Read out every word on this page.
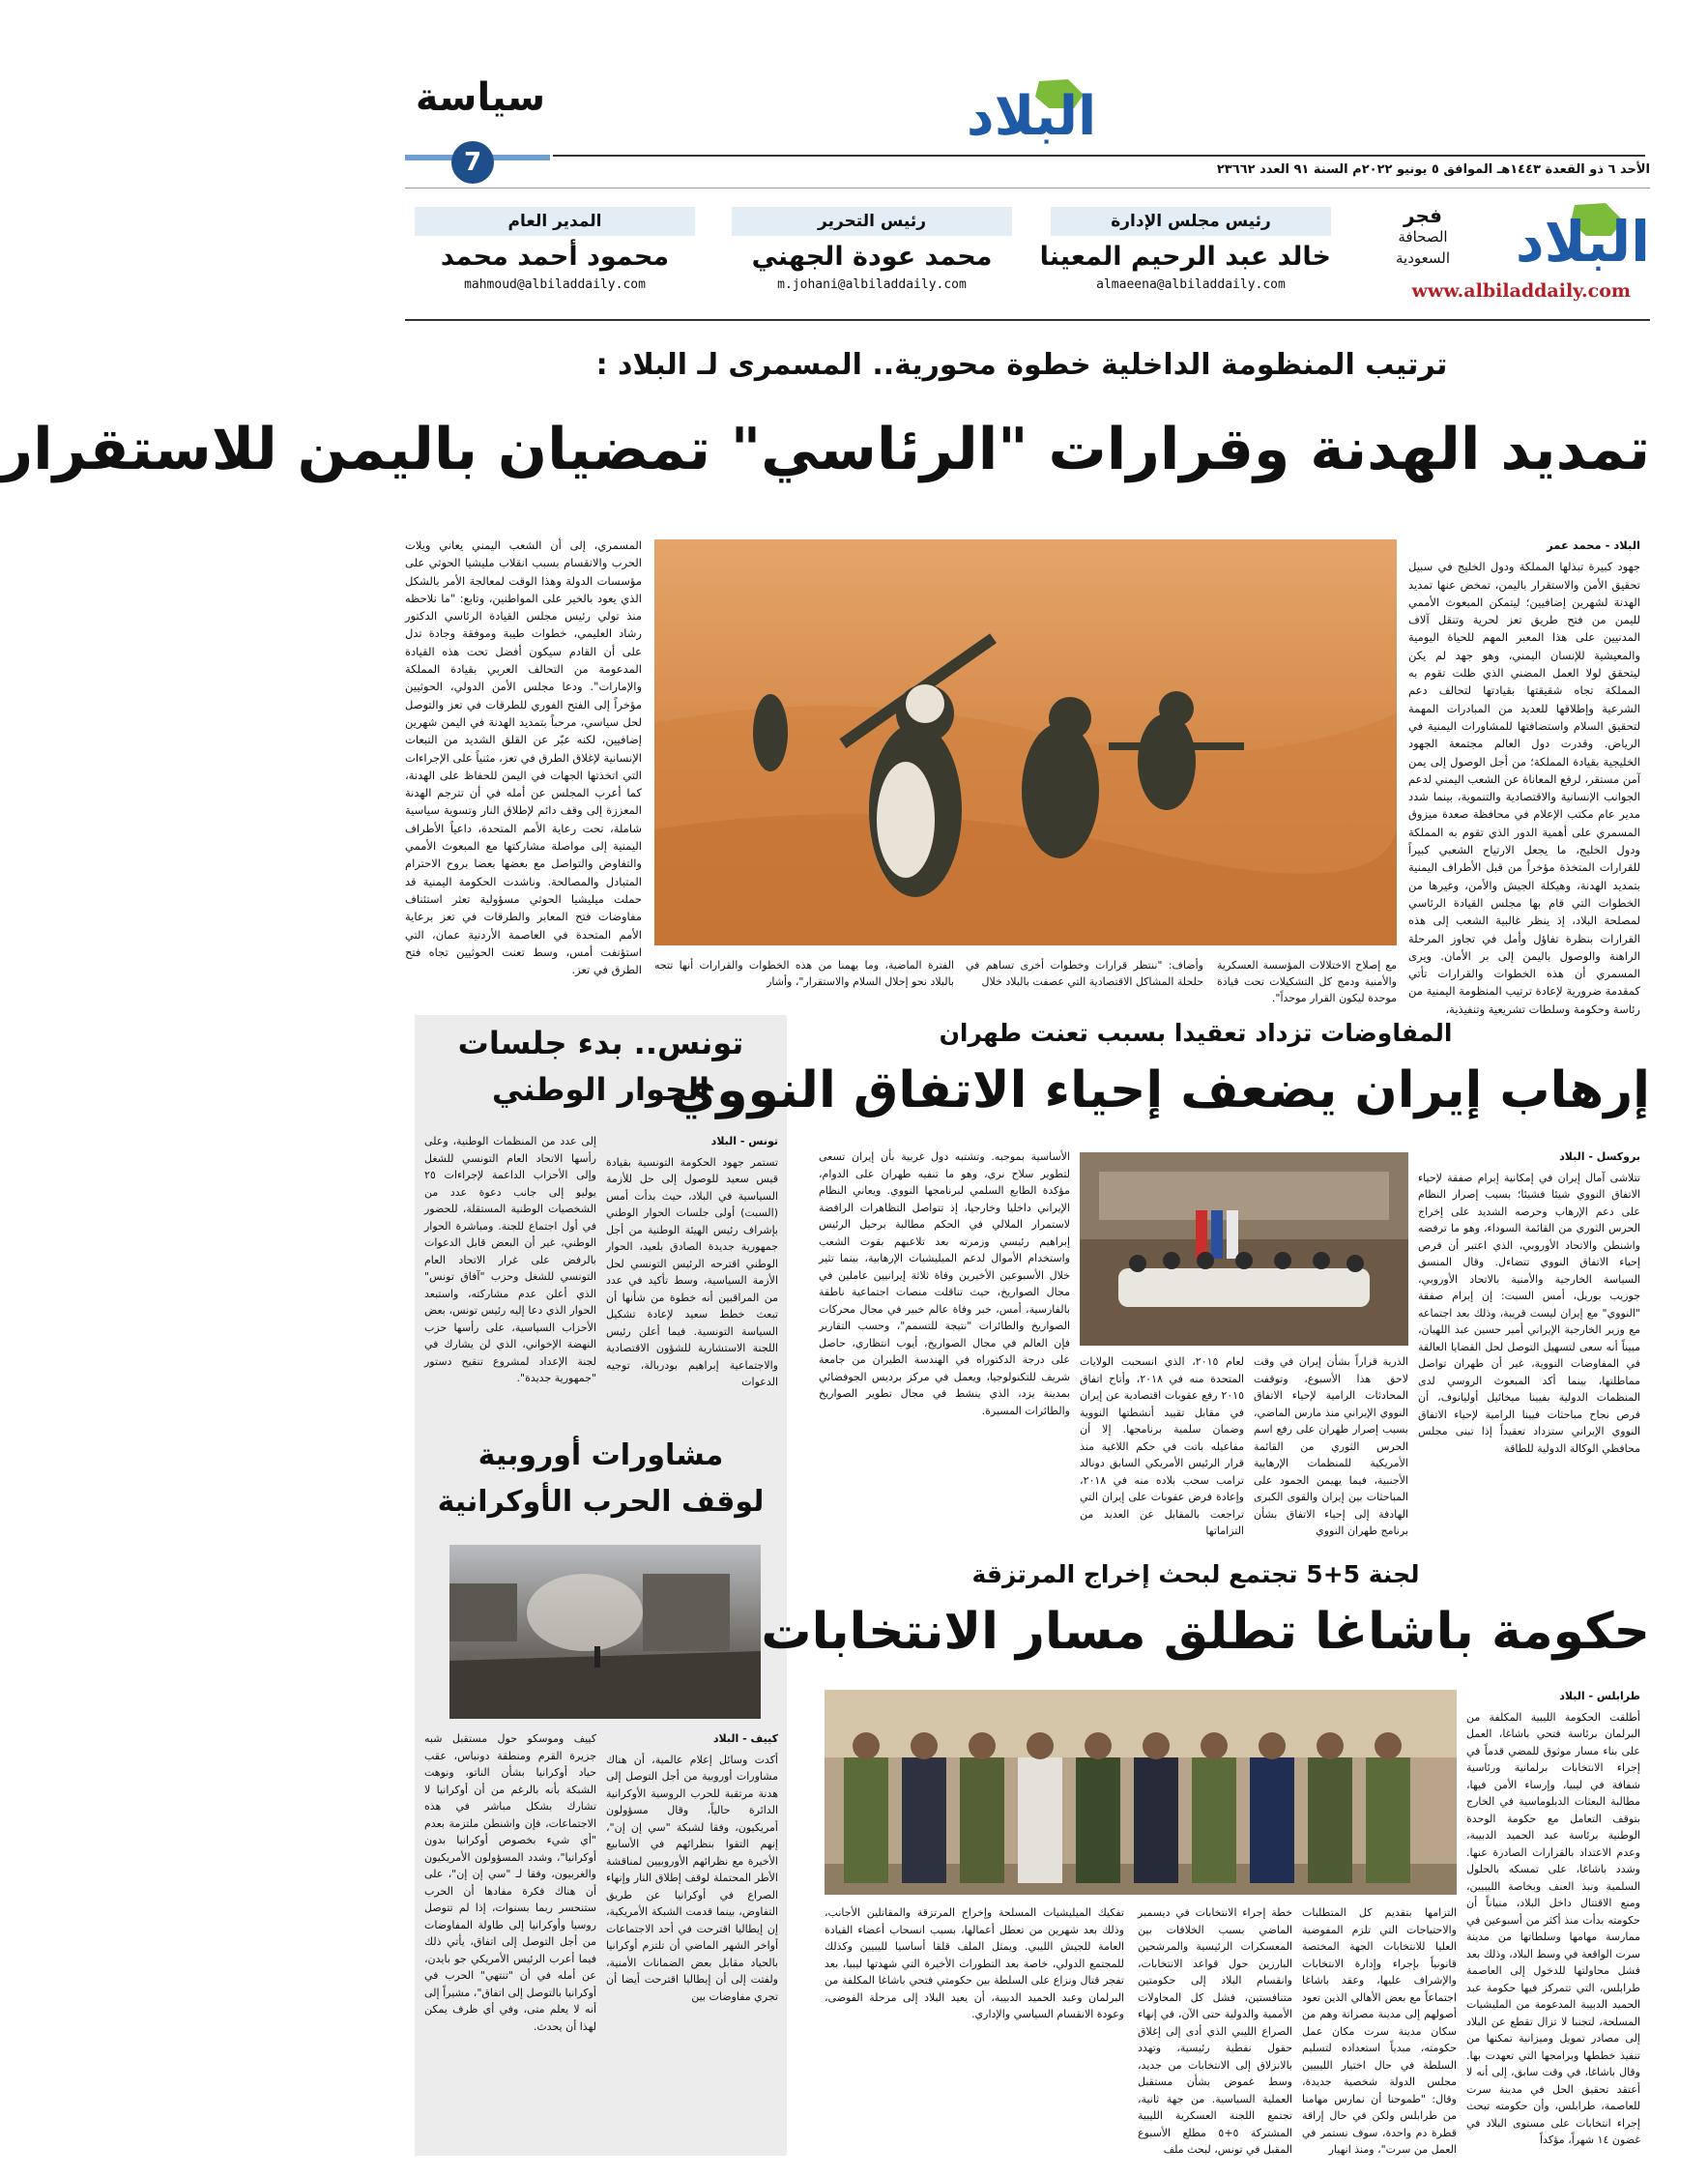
سياسة
7
البلاد
الأحد ٦ ذو القعدة ١٤٤٣هـ الموافق ٥ يونيو ٢٠٢٢م السنة ٩١ العدد ٢٣٦٦٢
البلاد
www.albiladdaily.com
فجر
الصحافة
السعودية
رئيس مجلس الإدارة
خالد عبد الرحيم المعينا
almaeena@albiladdaily.com
رئيس التحرير
محمد عودة الجهني
m.johani@albiladdaily.com
المدير العام
محمود أحمد محمد
mahmoud@albiladdaily.com
ترتيب المنظومة الداخلية خطوة محورية.. المسمرى لـ البلاد :
تمديد الهدنة وقرارات "الرئاسي" تمضيان باليمن للاستقرار

البلاد - محمد عمر

جهود كبيرة تبذلها المملكة ودول الخليج في سبيل تحقيق الأمن والاستقرار باليمن، تمخض عنها تمديد الهدنة لشهرين إضافيين؛ ليتمكن المبعوث الأممي لليمن من فتح طريق تعز لحرية وتنقل آلاف المدنيين على هذا المعبر المهم للحياة اليومية والمعيشية للإنسان اليمني، وهو جهد لم يكن ليتحقق لولا العمل المضني الذي ظلت تقوم به المملكة تجاه شقيقتها بقيادتها لتحالف دعم الشرعية وإطلاقها للعديد من المبادرات المهمة لتحقيق السلام واستضافتها للمشاورات اليمنية في الرياض. وقدرت دول العالم مجتمعة الجهود الخليجية بقيادة المملكة؛ من أجل الوصول إلى يمن آمن مستقر، لرفع المعاناة عن الشعب اليمني لدعم الجوانب الإنسانية والاقتصادية والتنموية، بينما شدد مدير عام مكتب الإعلام في محافظة صعدة ميزوق المسمري على أهمية الدور الذي تقوم به المملكة ودول الخليج، ما يجعل الارتياح الشعبي كبيراً للقرارات المتخذة مؤخراً من قبل الأطراف اليمنية بتمديد الهدنة، وهيكلة الجيش والأمن، وغيرها من الخطوات التي قام بها مجلس القيادة الرئاسي لمصلحة البلاد، إذ ينظر غالبية الشعب إلى هذه القرارات بنظرة تفاؤل وأمل في تجاوز المرحلة الراهنة والوصول باليمن إلى بر الأمان. ويرى المسمري أن هذه الخطوات والقرارات تأتي كمقدمة ضرورية لإعادة ترتيب المنظومة اليمنية من رئاسة وحكومة وسلطات تشريعية وتنفيذية،

المسمري، إلى أن الشعب اليمني يعاني ويلات الحرب والانقسام بسبب انقلاب مليشيا الحوثي على مؤسسات الدولة وهذا الوقت لمعالجة الأمر بالشكل الذي يعود بالخير على المواطنين، وتابع: "ما نلاحظه منذ تولي رئيس مجلس القيادة الرئاسي الدكتور رشاد العليمي، خطوات طيبة وموفقة وجادة تدل على أن القادم سيكون أفضل تحت هذه القيادة المدعومة من التحالف العربي بقيادة المملكة والإمارات". ودعا مجلس الأمن الدولي، الحوثيين مؤخراً إلى الفتح الفوري للطرقات في تعز والتوصل لحل سياسي، مرحباً بتمديد الهدنة في اليمن شهرين إضافيين، لكنه عبّر عن القلق الشديد من التبعات الإنسانية لإغلاق الطرق في تعز، مثنياً على الإجراءات التي اتخذتها الجهات في اليمن للحفاظ على الهدنة، كما أعرب المجلس عن أمله في أن تترجم الهدنة المعززة إلى وقف دائم لإطلاق النار وتسوية سياسية شاملة، تحت رعاية الأمم المتحدة، داعياً الأطراف اليمنية إلى مواصلة مشاركتها مع المبعوث الأممي والتفاوض والتواصل مع بعضها بعضا بروح الاحترام المتبادل والمصالحة. وناشدت الحكومة اليمنية قد حملت ميليشيا الحوثي مسؤولية تعثر استئناف مفاوضات فتح المعابر والطرقات في تعز برعاية الأمم المتحدة في العاصمة الأردنية عمان، التي استؤنفت أمس، وسط تعنت الحوثيين تجاه فتح الطرق في تعز.	مع إصلاح الاختلالات المؤسسة العسكرية والأمنية ودمج كل التشكيلات تحت قيادة موحدة ليكون القرار موحداً".
وأضاف: "ننتظر قرارات وخطوات أخرى تساهم في حلحلة المشاكل الاقتصادية التي عصفت بالبلاد خلال
الفترة الماضية، وما يهمنا من هذه الخطوات والقرارات أنها تتجه بالبلاد نحو إحلال السلام والاستقرار"، وأشار
تونس.. بدء جلسات
الحوار الوطني

تونس - البلاد

تستمر جهود الحكومة التونسية بقيادة قيس سعيد للوصول إلى حل للأزمة السياسية في البلاد، حيث بدأت أمس (السبت) أولى جلسات الحوار الوطني بإشراف رئيس الهيئة الوطنية من أجل جمهورية جديدة الصادق بلعيد، الحوار الوطني اقترحه الرئيس التونسي لحل الأزمة السياسية، وسط تأكيد في عدد من المراقبين أنه خطوة من شأنها أن تبعث خطط سعيد لإعادة تشكيل السياسة التونسية. فيما أعلن رئيس اللجنة الاستشارية للشؤون الاقتصادية والاجتماعية إبراهيم بودربالة، توجيه الدعوات

إلى عدد من المنظمات الوطنية، وعلى رأسها الاتحاد العام التونسي للشغل وإلى الأحزاب الداعمة لإجراءات ٢٥ يوليو إلى جانب دعوة عدد من الشخصيات الوطنية المستقلة، للحضور في أول اجتماع للجنة. ومباشرة الحوار الوطني، غير أن البعض قابل الدعوات بالرفض على غرار الاتحاد العام التونسي للشغل وحزب "آفاق تونس" الذي أعلن عدم مشاركته، واستبعد الحوار الذي دعا إليه رئيس تونس، بعض الأحزاب السياسية، على رأسها حزب النهضة الإخواني، الذي لن يشارك في لجنة الإعداد لمشروع تنقيح دستور "جمهورية جديدة".

مشاورات أوروبية
لوقف الحرب الأوكرانية

كييف - البلاد

أكدت وسائل إعلام عالمية، أن هناك مشاورات أوروبية من أجل التوصل إلى هدنة مرتقبة للحرب الروسية الأوكرانية الدائرة حالياً، وقال مسؤولون أمريكيون، وفقا لشبكة "سي إن إن"، إنهم التقوا بنظرائهم في الأسابيع الأخيرة مع نظرائهم الأوروبيين لمناقشة الأطر المحتملة لوقف إطلاق النار وإنهاء الصراع في أوكرانيا عن طريق التفاوض، بينما قدمت الشبكة الأمريكية، إن إيطاليا اقترحت في أحد الاجتماعات أواخر الشهر الماضي أن تلتزم أوكرانيا بالحياد مقابل بعض الضمانات الأمنية، ولفتت إلى أن إيطاليا اقترحت أيضا أن تجري مفاوضات بين

كييف وموسكو حول مستقبل شبه جزيرة القرم ومنطقة دونباس، عقب حياد أوكرانيا بشأن الناتو، ونوهت الشبكة بأنه بالرغم من أن أوكرانيا لا تشارك بشكل مباشر في هذه الاجتماعات، فإن واشنطن ملتزمة بعدم "أي شيء بخصوص أوكرانيا بدون أوكرانيا"، وشدد المسؤولون الأمريكيون والغربيون، وفقا لـ "سي إن إن"، على أن هناك فكرة مفادها أن الحرب ستنحسر ربما بسنوات، إذا لم تتوصل روسيا وأوكرانيا إلى طاولة المفاوضات من أجل التوصل إلى اتفاق، يأتي ذلك فيما أعرب الرئيس الأمريكي جو بايدن، عن أمله في أن "تنتهي" الحرب في أوكرانيا بالتوصل إلى اتفاق"، مشيراً إلى أنه لا يعلم متى، وفي أي ظرف يمكن لهذا أن يحدث.

المفاوضات تزداد تعقيدا بسبب تعنت طهران
إرهاب إيران يضعف إحياء الاتفاق النووي

بروكسل - البلاد

تتلاشى آمال إيران في إمكانية إبرام صفقة لإحياء الاتفاق النووي شيئا فشيئا؛ بسبب إصرار النظام على دعم الإرهاب وحرصه الشديد على إخراج الحرس الثوري من القائمة السوداء، وهو ما ترفضه واشنطن والاتحاد الأوروبي، الذي اعتبر أن فرص إحياء الاتفاق النووي تتضاءل. وقال المنسق السياسة الخارجية والأمنية بالاتحاد الأوروبي، جوزيب بوريل، أمس السبت: إن إبرام صفقة "النووي" مع إيران ليست قريبة، وذلك بعد اجتماعه مع وزير الخارجية الإيراني أمير حسين عبد اللهيان، مبيناً أنه سعى لتسهيل التوصل لحل القضايا العالقة في المفاوضات النووية، غير أن طهران تواصل مماطلتها، بينما أكد المبعوث الروسي لدى المنظمات الدولية بفيينا ميخائيل أوليانوف، أن فرص نجاح مباحثات فيينا الرامية لإحياء الاتفاق النووي الإيراني ستزداد تعقيداً إذا تبنى مجلس محافظي الوكالة الدولية للطاقة

الذرية قراراً بشأن إيران في وقت لاحق هذا الأسبوع، وتوقفت المحادثات الرامية لإحياء الاتفاق النووي الإيراني منذ مارس الماضي، بسبب إصرار طهران على رفع اسم الحرس الثوري من القائمة الأمريكية للمنظمات الإرهابية الأجنبية، فيما يهيمن الجمود على المباحثات بين إيران والقوى الكبرى الهادفة إلى إحياء الاتفاق بشأن برنامج طهران النووي

لعام ٢٠١٥، الذي انسحبت الولايات المتحدة منه في ٢٠١٨، وأتاح اتفاق ٢٠١٥ رفع عقوبات اقتصادية عن إيران في مقابل تقييد أنشطتها النووية وضمان سلمية برنامجها. إلا أن مفاعيله باتت في حكم اللاغية منذ قرار الرئيس الأمريكي السابق دونالد ترامب سحب بلاده منه في ٢٠١٨، وإعادة فرض عقوبات على إيران التي تراجعت بالمقابل عن العديد من التزاماتها

الأساسية بموجبه. وتشتبه دول غربية بأن إيران تسعى لتطوير سلاح نري، وهو ما تنفيه طهران على الدوام، مؤكدة الطابع السلمي لبرنامجها النووي. ويعاني النظام الإيراني داخليا وخارجيا، إذ تتواصل التظاهرات الرافضة لاستمرار الملالي في الحكم مطالبة برحيل الرئيس إبراهيم رئيسي وزمرته بعد تلاعبهم بقوت الشعب واستخدام الأموال لدعم الميليشيات الإرهابية، بينما تثير خلال الأسبوعين الأخيرين وفاة ثلاثة إيرانيين عاملين في مجال الصواريخ، حيث تناقلت منصات اجتماعية ناطقة بالفارسية، أمس، خبر وفاة عالم خبير في مجال محركات الصواريخ والطائرات "نتيجة للتسمم"، وحسب التقارير فإن العالم في مجال الصواريخ، أيوب انتظاري، حاصل على درجة الدكتوراه في الهندسة الطيران من جامعة شريف للتكنولوجيا، ويعمل في مركز برديس الجوفضائي بمدينة يزد، الذي ينشط في مجال تطوير الصواريخ والطائرات المسيرة.

لجنة 5+5 تجتمع لبحث إخراج المرتزقة
حكومة باشاغا تطلق مسار الانتخابات

طرابلس - البلاد

أطلقت الحكومة الليبية المكلفة من البرلمان برئاسة فتحي باشاغا، العمل على بناء مسار موثوق للمضي قدماً في إجراء الانتخابات برلمانية ورئاسية شفافة في ليبيا، وإرساء الأمن فيها، مطالبة البعثات الدبلوماسية في الخارج بتوقف التعامل مع حكومة الوحدة الوطنية برئاسة عبد الحميد الدبيبة، وعدم الاعتداد بالقرارات الصادرة عنها. وشدد باشاغا، على تمسكه بالحلول السلمية ونبذ العنف وبخاصة الليبيين، ومنع الاقتتال داخل البلاد، منياناً أن حكومته بدأت منذ أكثر من أسبوعين في ممارسة مهامها وسلطاتها من مدينة سرت الواقعة في وسط البلاد، وذلك بعد فشل محاولتها للدخول إلى العاصمة طرابلس، التي تتمركز فيها حكومة عبد الحميد الدبيبة المدعومة من المليشيات المسلحة، لتجنبا لا تزال تقطع عن البلاد إلى مصادر تمويل وميزانية تمكنها من تنفيذ خططها وبرامجها التي تعهدت بها. وقال باشاغا، في وقت سابق، إلى أنه لا أعتقد تحقيق الحل في مدينة سرت للعاصمة، طرابلس، وأن حكومته تبحث إجراء انتخابات على مستوى البلاد في غضون ١٤ شهراً، مؤكداً

التزامها بتقديم كل المتطلبات والاحتياجات التي تلزم المفوضية العليا للانتخابات الجهة المختصة قانونياً بإجراء وإدارة الانتخابات والإشراف عليها، وعقد باشاغا اجتماعاً مع بعض الأهالي الذين تعود أصولهم إلى مدينة مصراتة وهم من سكان مدينة سرت مكان عمل حكومته، مبدياً استعداده لتسليم السلطة في حال اختيار الليبيين مجلس الدولة شخصية جديدة، وقال: "طموحنا أن نمارس مهامنا من طرابلس ولكن في حال إراقة قطرة دم واحدة، سوف نستمر في العمل من سرت"، ومنذ انهيار

خطة إجراء الانتخابات في ديسمبر الماضي بسبب الخلافات بين المعسكرات الرئيسية والمرشحين البارزين حول قواعد الانتخابات، وانقسام البلاد إلى حكومتين متنافستين، فشل كل المحاولات الأممية والدولية حتى الآن، في إنهاء الصراع الليبي الذي أدى إلى إغلاق حقول نفطية رئيسية، وتهدد بالانزلاق إلى الانتخابات من جديد، وسط غموض بشأن مستقبل العملية السياسية. من جهة ثانية، تجتمع اللجنة العسكرية الليبية المشتركة ٥+٥ مطلع الأسبوع المقبل في تونس، لبحث ملف

تفكيك الميليشيات المسلحة وإخراج المرتزقة والمقاتلين الأجانب، وذلك بعد شهرين من تعطل أعمالها، بسبب انسحاب أعضاء القيادة العامة للجيش الليبي. ويمثل الملف قلقا أساسيا لليبيين وكذلك للمجتمع الدولي، خاصة بعد التطورات الأخيرة التي شهدتها ليبيا، بعد تفجر قتال ونزاع على السلطة بين حكومتي فتحي باشاغا المكلفة من البرلمان وعبد الحميد الدبيبة، أن يعيد البلاد إلى مرحلة الفوضى، وعودة الانقسام السياسي والإداري.
